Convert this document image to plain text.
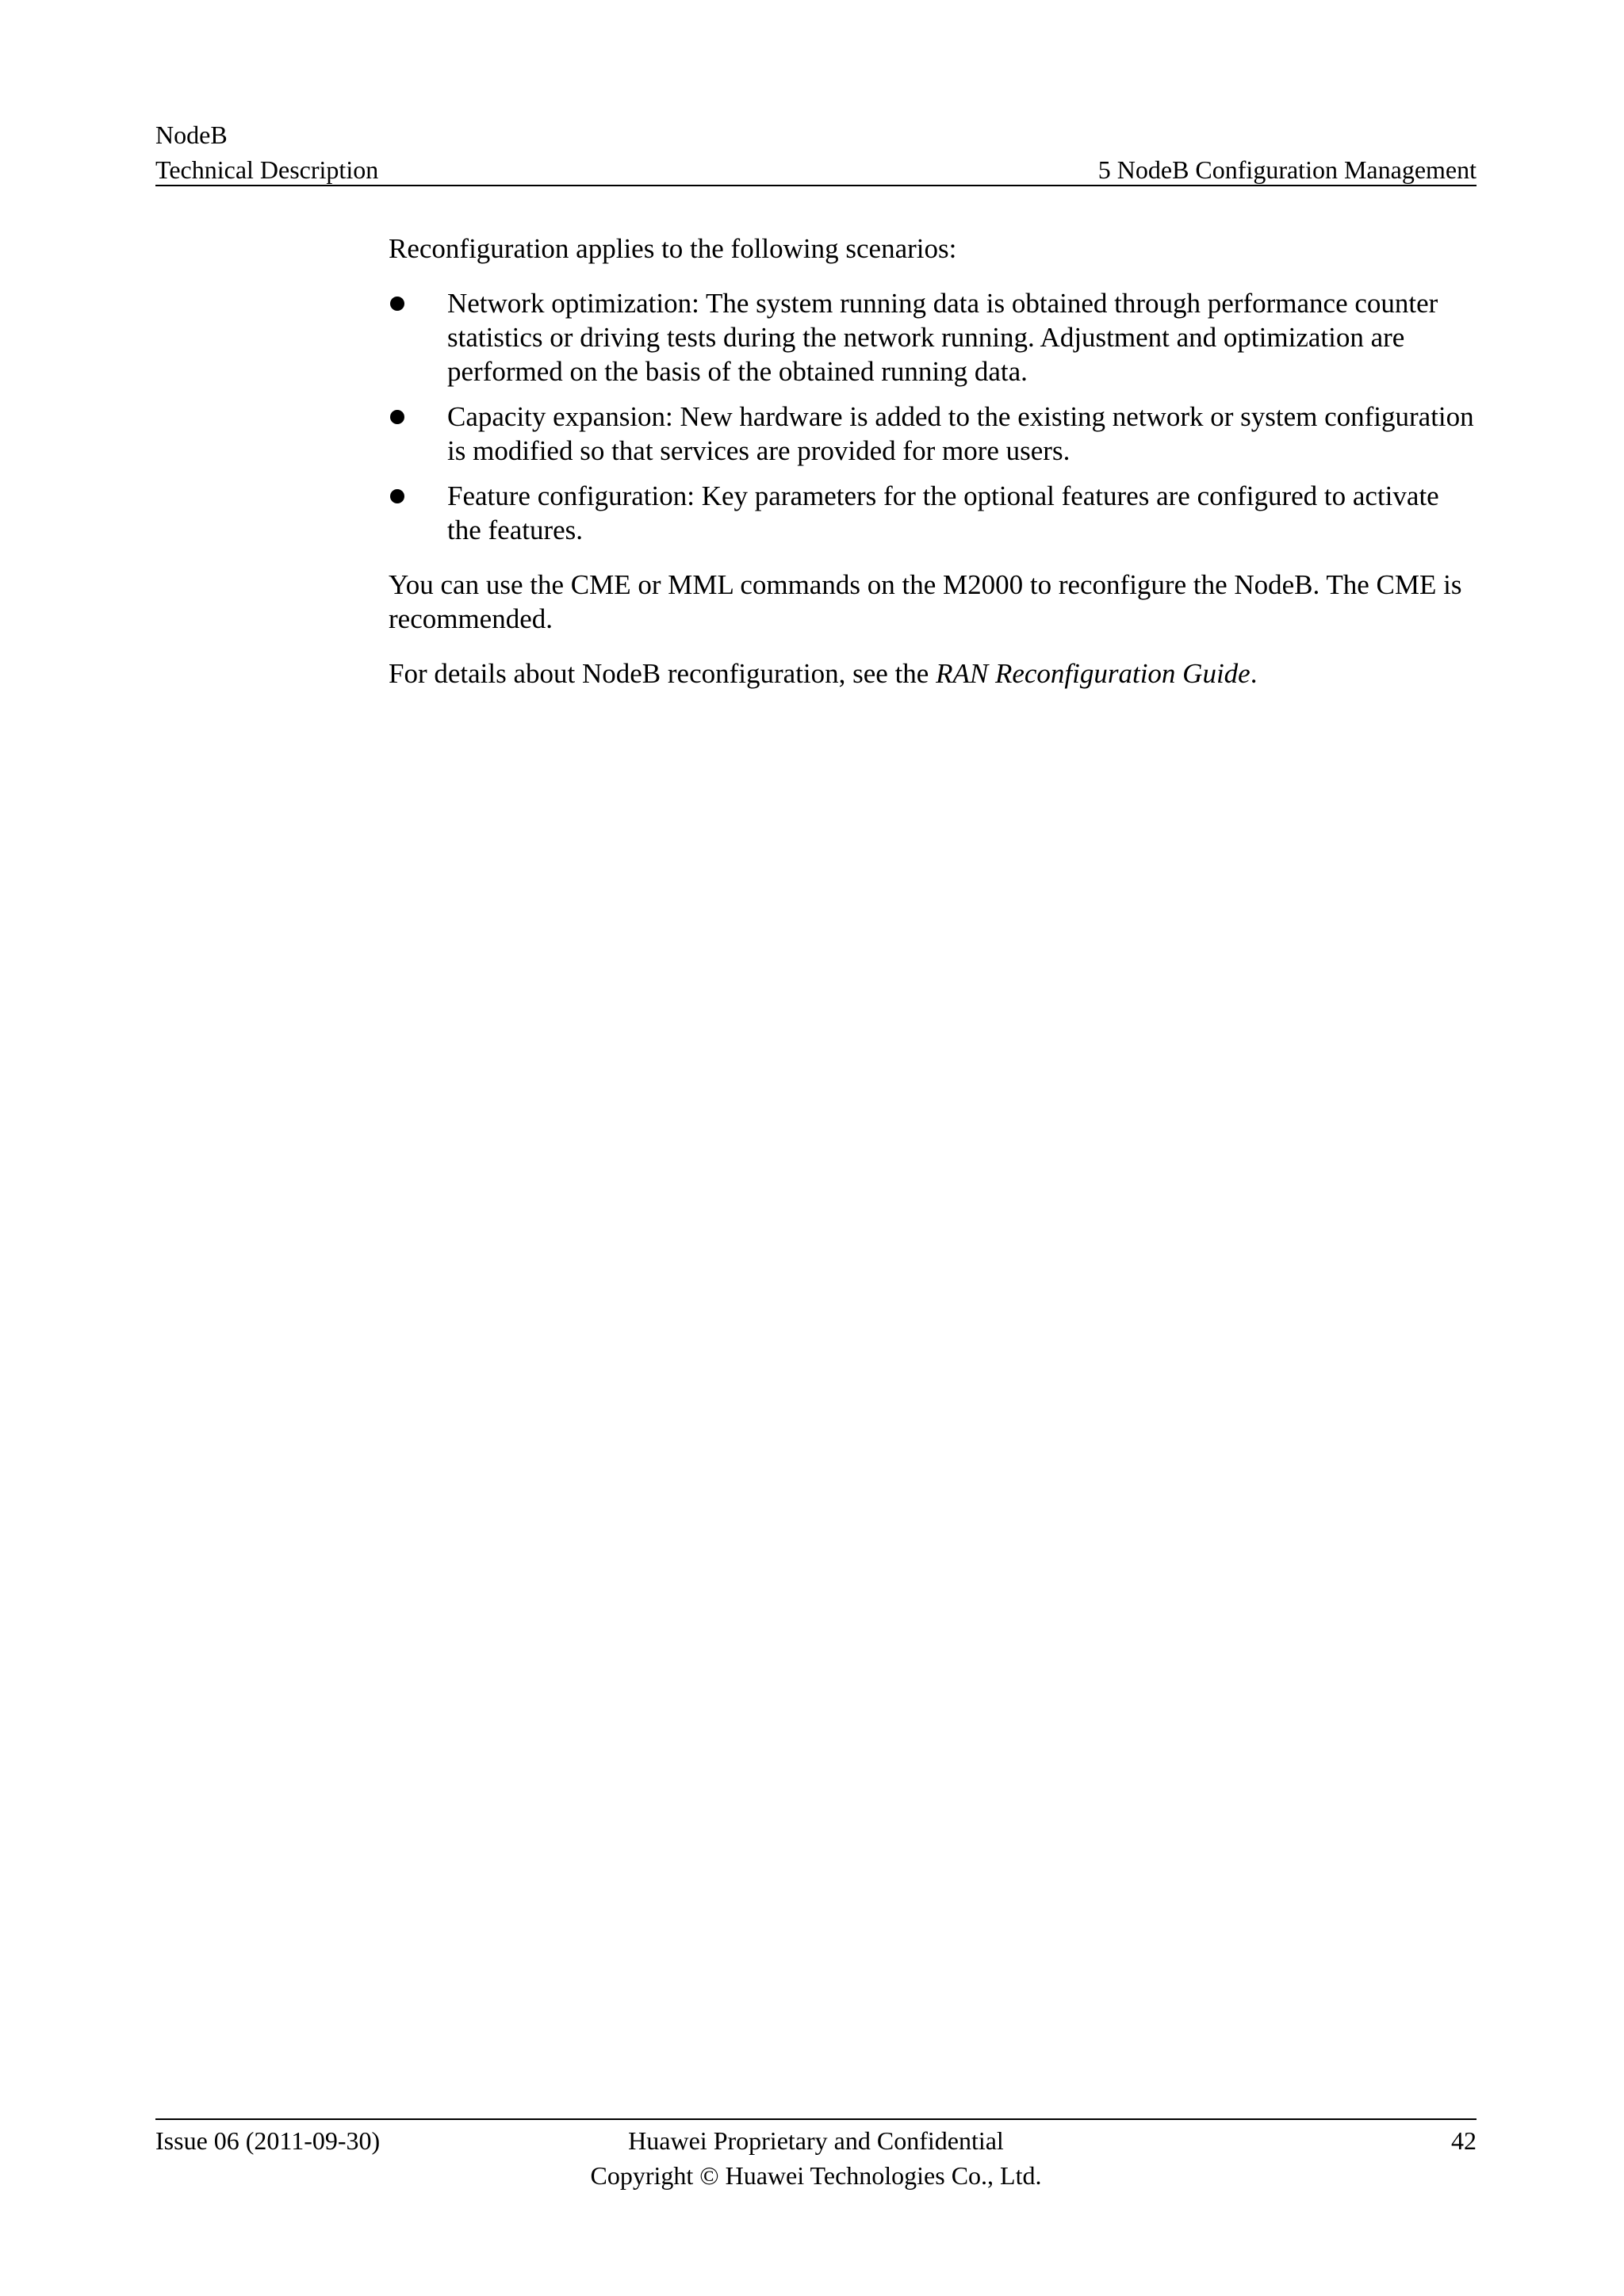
NodeB
Technical Description	5 NodeB Configuration Management

Reconfiguration applies to the following scenarios:

Network optimization: The system running data is obtained through performance counter statistics or driving tests during the network running. Adjustment and optimization are performed on the basis of the obtained running data.
Capacity expansion: New hardware is added to the existing network or system configuration is modified so that services are provided for more users.
Feature configuration: Key parameters for the optional features are configured to activate the features.

You can use the CME or MML commands on the M2000 to reconfigure the NodeB. The CME is recommended.

For details about NodeB reconfiguration, see the RAN Reconfiguration Guide.

Issue 06 (2011-09-30)	Huawei Proprietary and Confidential
Copyright © Huawei Technologies Co., Ltd.
42
